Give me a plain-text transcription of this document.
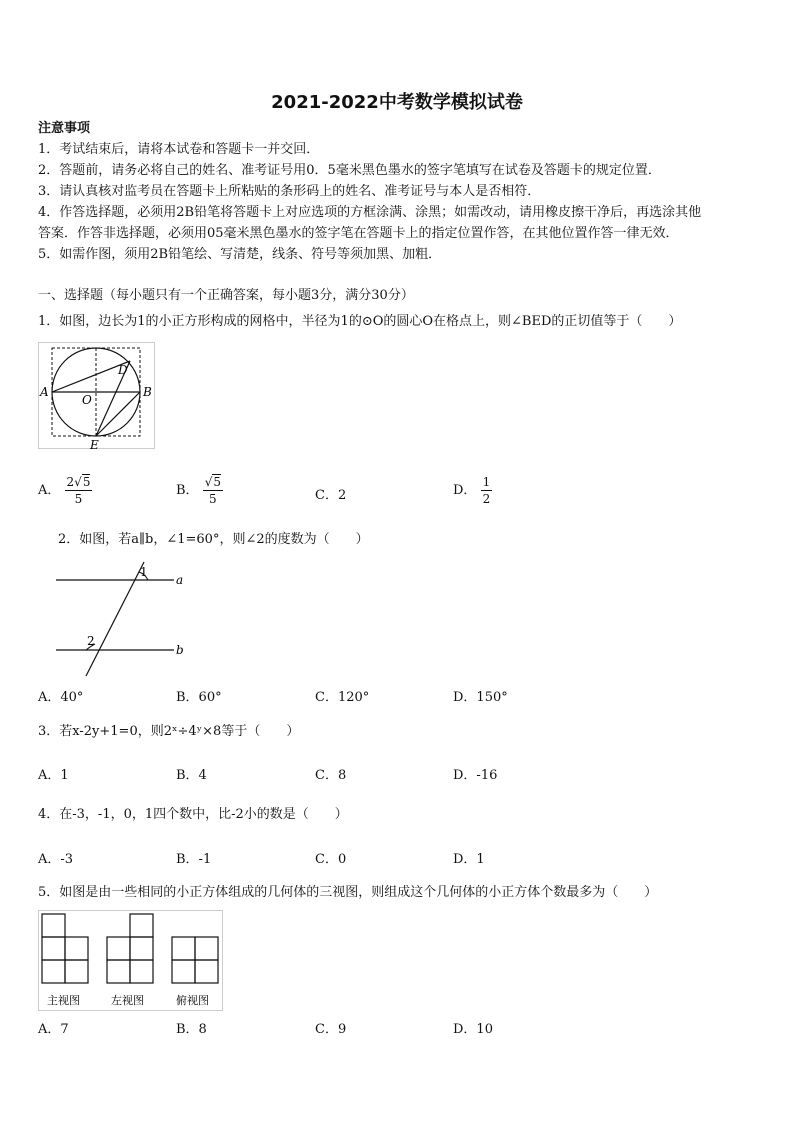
2021-2022中考数学模拟试卷
注意事项
1．考试结束后，请将本试卷和答题卡一并交回．
2．答题前，请务必将自己的姓名、准考证号用0．5毫米黑色墨水的签字笔填写在试卷及答题卡的规定位置．
3．请认真核对监考员在答题卡上所粘贴的条形码上的姓名、准考证号与本人是否相符．
4．作答选择题，必须用2B铅笔将答题卡上对应选项的方框涂满、涂黑；如需改动，请用橡皮擦干净后，再选涂其他
答案．作答非选择题，必须用05毫米黑色墨水的签字笔在答题卡上的指定位置作答，在其他位置作答一律无效．
5．如需作图，须用2B铅笔绘、写清楚，线条、符号等须加黑、加粗．
一、选择题（每小题只有一个正确答案，每小题3分，满分30分）
1．如图，边长为1的小正方形构成的网格中，半径为1的⊙O的圆心O在格点上，则∠BED的正切值等于（　　）
A
D
B
O
E
A． $\frac{2√5}{5}$	B． $\frac{√5}{5}$	C．2	D． $\frac{1}{2}$
2．如图，若a∥b，∠1=60°，则∠2的度数为（　　）
1
2
a
b
A．40°	B．60°	C．120°	D．150°
3．若x-2y+1=0，则2ˣ÷4ʸ×8等于（　　）
A．1	B．4	C．8	D．-16
4．在-3，-1，0，1四个数中，比-2小的数是（　　）
A．-3	B．-1	C．0	D．1
5．如图是由一些相同的小正方体组成的几何体的三视图，则组成这个几何体的小正方体个数最多为（　　）
主视图	左视图	俯视图
A．7	B．8	C．9	D．10
